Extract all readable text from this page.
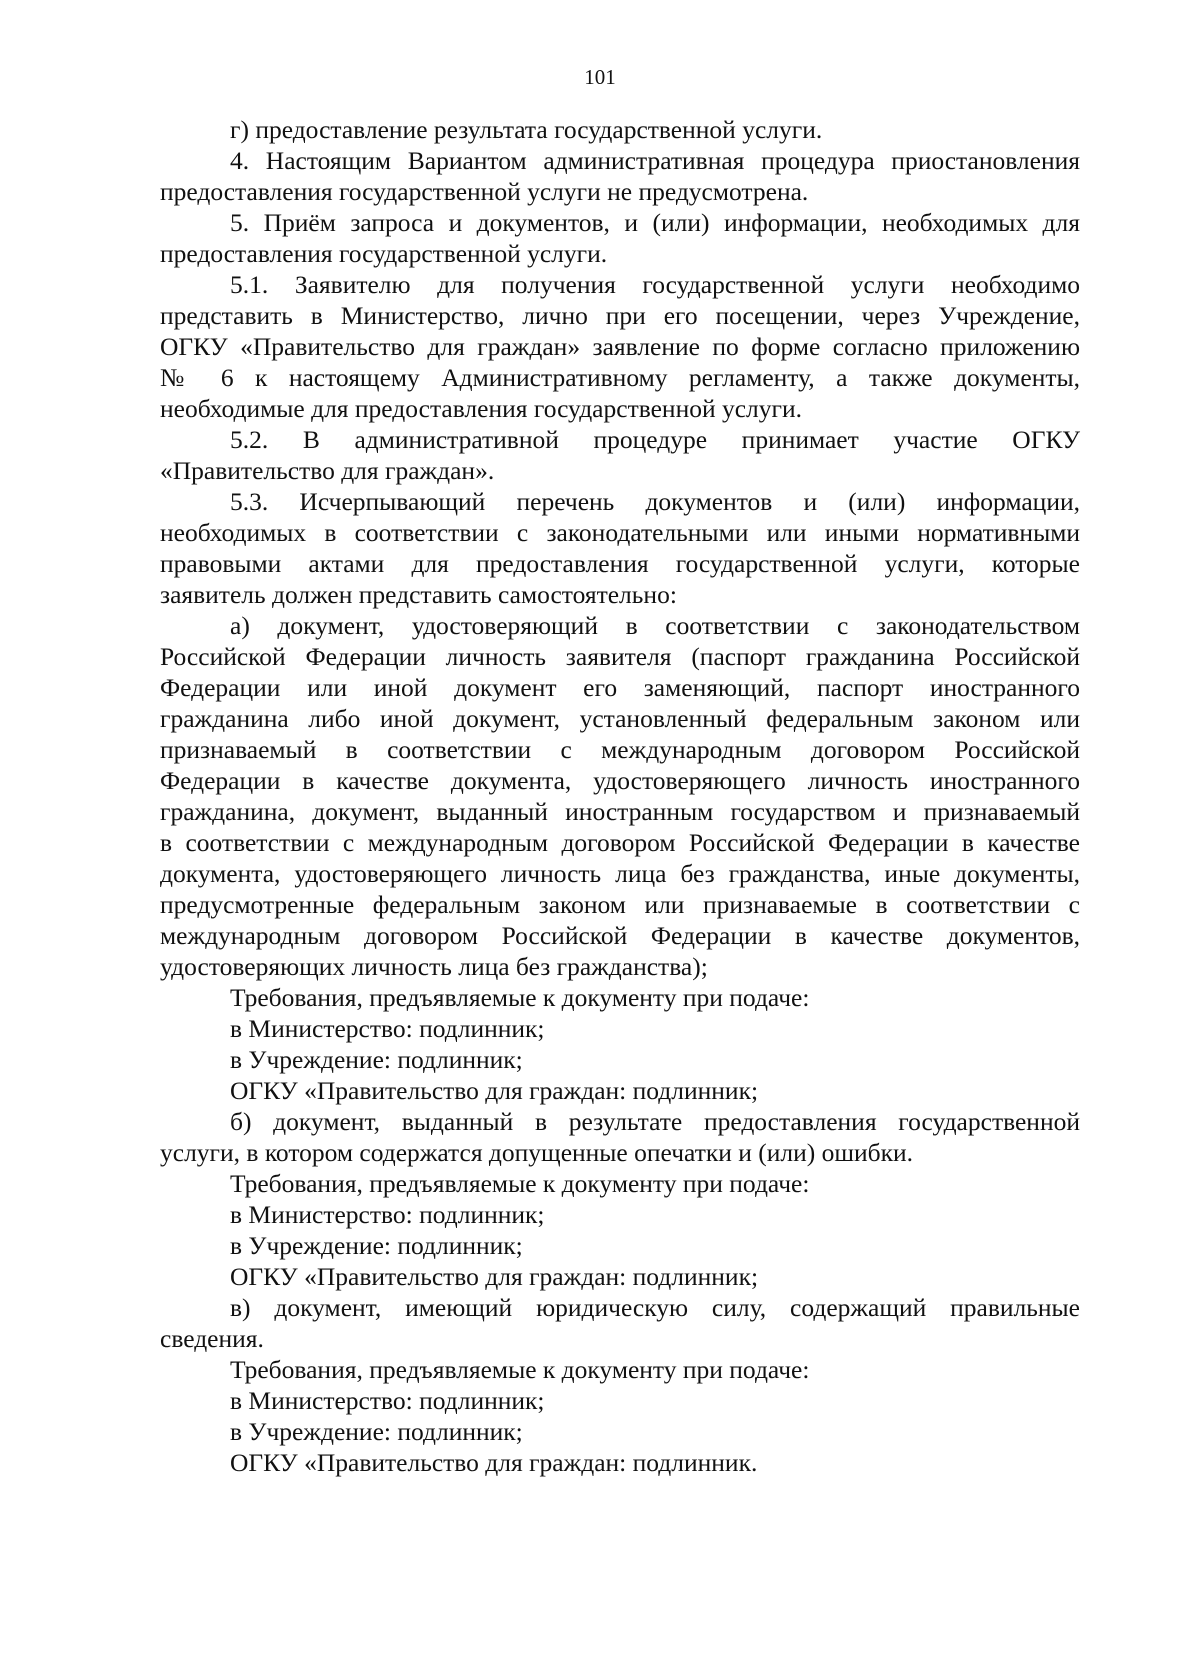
101
г) предоставление результата государственной услуги.
4. Настоящим Вариантом административная процедура приостановления
предоставления государственной услуги не предусмотрена.
5. Приём запроса и документов, и (или) информации, необходимых для
предоставления государственной услуги.
5.1. Заявителю для получения государственной услуги необходимо
представить в Министерство, лично при его посещении, через Учреждение,
ОГКУ «Правительство для граждан» заявление по форме согласно приложению
№ 6 к настоящему Административному регламенту, а также документы,
необходимые для предоставления государственной услуги.
5.2. В административной процедуре принимает участие ОГКУ
«Правительство для граждан».
5.3. Исчерпывающий перечень документов и (или) информации,
необходимых в соответствии с законодательными или иными нормативными
правовыми актами для предоставления государственной услуги, которые
заявитель должен представить самостоятельно:
а) документ, удостоверяющий в соответствии с законодательством
Российской Федерации личность заявителя (паспорт гражданина Российской
Федерации или иной документ его заменяющий, паспорт иностранного
гражданина либо иной документ, установленный федеральным законом или
признаваемый в соответствии с международным договором Российской
Федерации в качестве документа, удостоверяющего личность иностранного
гражданина, документ, выданный иностранным государством и признаваемый
в соответствии с международным договором Российской Федерации в качестве
документа, удостоверяющего личность лица без гражданства, иные документы,
предусмотренные федеральным законом или признаваемые в соответствии с
международным договором Российской Федерации в качестве документов,
удостоверяющих личность лица без гражданства);
Требования, предъявляемые к документу при подаче:
в Министерство: подлинник;
в Учреждение: подлинник;
ОГКУ «Правительство для граждан: подлинник;
б) документ, выданный в результате предоставления государственной
услуги, в котором содержатся допущенные опечатки и (или) ошибки.
Требования, предъявляемые к документу при подаче:
в Министерство: подлинник;
в Учреждение: подлинник;
ОГКУ «Правительство для граждан: подлинник;
в) документ, имеющий юридическую силу, содержащий правильные
сведения.
Требования, предъявляемые к документу при подаче:
в Министерство: подлинник;
в Учреждение: подлинник;
ОГКУ «Правительство для граждан: подлинник.
